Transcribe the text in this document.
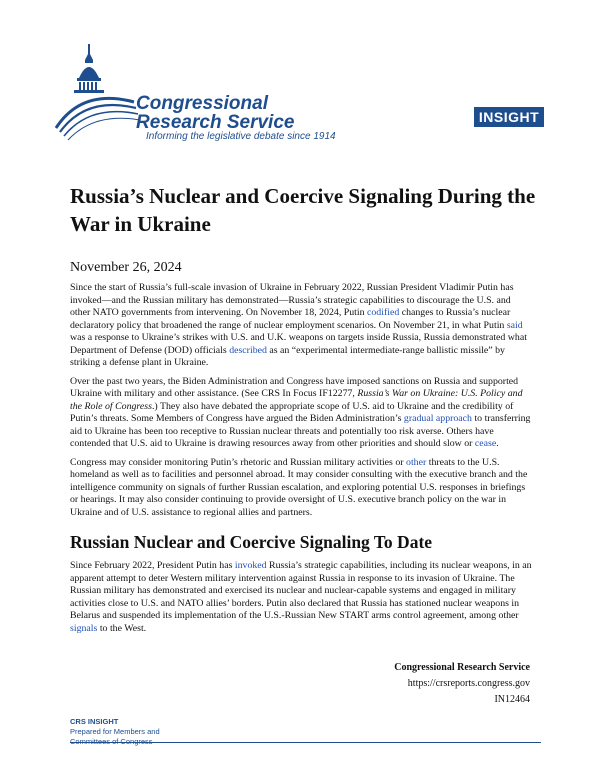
Congressional
Research Service
Informing the legislative debate since 1914
INSIGHT
Russia’s Nuclear and Coercive Signaling During the War in Ukraine
November 26, 2024

Since the start of Russia’s full-scale invasion of Ukraine in February 2022, Russian President Vladimir Putin has invoked—and the Russian military has demonstrated—Russia’s strategic capabilities to discourage the U.S. and other NATO governments from intervening. On November 18, 2024, Putin codified changes to Russia’s nuclear declaratory policy that broadened the range of nuclear employment scenarios. On November 21, in what Putin said was a response to Ukraine’s strikes with U.S. and U.K. weapons on targets inside Russia, Russia demonstrated what Department of Defense (DOD) officials described as an “experimental intermediate-range ballistic missile” by striking a defense plant in Ukraine.

Over the past two years, the Biden Administration and Congress have imposed sanctions on Russia and supported Ukraine with military and other assistance. (See CRS In Focus IF12277, Russia’s War on Ukraine: U.S. Policy and the Role of Congress.) They also have debated the appropriate scope of U.S. aid to Ukraine and the credibility of Putin’s threats. Some Members of Congress have argued the Biden Administration’s gradual approach to transferring aid to Ukraine has been too receptive to Russian nuclear threats and potentially too risk averse. Others have contended that U.S. aid to Ukraine is drawing resources away from other priorities and should slow or cease.

Congress may consider monitoring Putin’s rhetoric and Russian military activities or other threats to the U.S. homeland as well as to facilities and personnel abroad. It may consider consulting with the executive branch and the intelligence community on signals of further Russian escalation, and exploring potential U.S. responses in briefings or hearings. It may also consider continuing to provide oversight of U.S. executive branch policy on the war in Ukraine and of U.S. assistance to regional allies and partners.

Russian Nuclear and Coercive Signaling To Date

Since February 2022, President Putin has invoked Russia’s strategic capabilities, including its nuclear weapons, in an apparent attempt to deter Western military intervention against Russia in response to its invasion of Ukraine. The Russian military has demonstrated and exercised its nuclear and nuclear-capable systems and engaged in military activities close to U.S. and NATO allies’ borders. Putin also declared that Russia has stationed nuclear weapons in Belarus and suspended its implementation of the U.S.-Russian New START arms control agreement, among other signals to the West.

Congressional Research Service
https://crsreports.congress.gov
IN12464
CRS INSIGHT
Prepared for Members and
